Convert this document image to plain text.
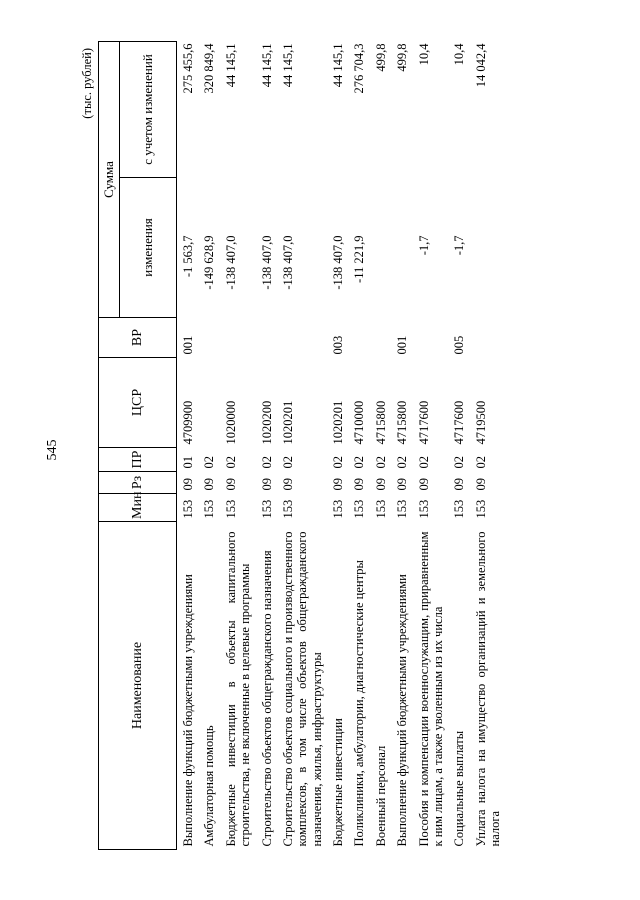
545
(тыс. рублей)
Наименование	Мин	Рз	ПР	ЦСР	ВР	Сумма	
						изменения	с учетом изменений
Выполнение функций бюджетными учреждениями	153	09	01	4709900	001	-1 563,7	275 455,6
Амбулаторная помощь	153	09	02			-149 628,9	320 849,4
Бюджетные инвестиции в объекты капитального строительства, не включенные в целевые программы	153	09	02	1020000		-138 407,0	44 145,1
Строительство объектов общегражданского назначения	153	09	02	1020200		-138 407,0	44 145,1
Строительство объектов социального и производственного комплексов, в том числе объектов общегражданского назначения, жилья, инфраструктуры	153	09	02	1020201		-138 407,0	44 145,1
Бюджетные инвестиции	153	09	02	1020201	003	-138 407,0	44 145,1
Поликлиники, амбулатории, диагностические центры	153	09	02	4710000		-11 221,9	276 704,3
Военный персонал	153	09	02	4715800			499,8
Выполнение функций бюджетными учреждениями	153	09	02	4715800	001		499,8
Пособия и компенсации военнослужащим, приравненным к ним лицам, а также уволенным из их числа	153	09	02	4717600		-1,7	10,4
Социальные выплаты	153	09	02	4717600	005	-1,7	10,4
Уплата налога на имущество организаций и земельного налога	153	09	02	4719500			14 042,4
